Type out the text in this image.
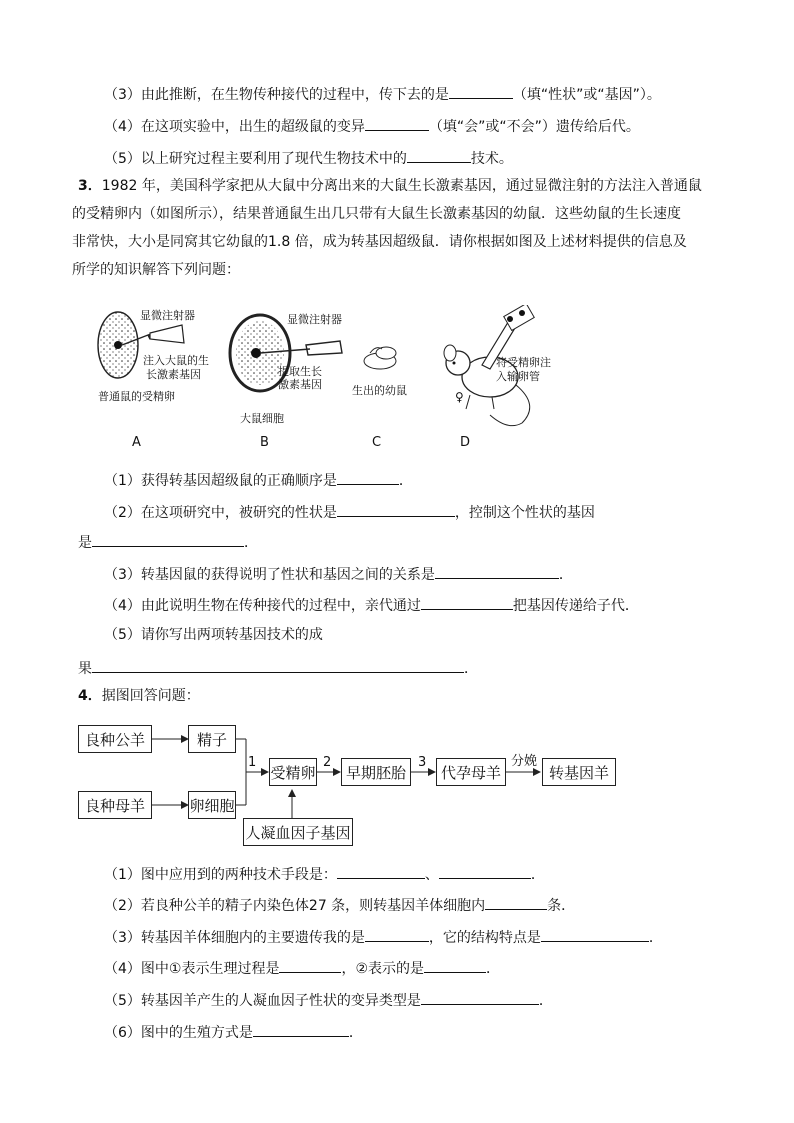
（3）由此推断，在生物传种接代的过程中，传下去的是	（填“性状”或“基因”）。
（4）在这项实验中，出生的超级鼠的变异	（填“会”或“不会”）遗传给后代。
（5）以上研究过程主要利用了现代生物技术中的	技术。

3．1982 年，美国科学家把从大鼠中分离出来的大鼠生长激素基因，通过显微注射的方法注入普通鼠

的受精卵内（如图所示），结果普通鼠生出几只带有大鼠生长激素基因的幼鼠．这些幼鼠的生长速度

非常快，大小是同窝其它幼鼠的1.8 倍，成为转基因超级鼠．请你根据如图及上述材料提供的信息及

所学的知识解答下列问题：

显微注射器
注入大鼠的生
长激素基因
普通鼠的受精卵
显微注射器
提取生长
激素基因
大鼠细胞
生出的幼鼠
将受精卵注
入输卵管
♀
A	B	C	D
（1）获得转基因超级鼠的正确顺序是	．
（2）在这项研究中，被研究的性状是	，控制这个性状的基因
是	．
（3）转基因鼠的获得说明了性状和基因之间的关系是	．
（4）由此说明生物在传种接代的过程中，亲代通过	把基因传递给子代．
（5）请你写出两项转基因技术的成
果	．
4．据图回答问题：
良种公羊	精子
良种母羊	卵细胞
受精卵	早期胚胎	代孕母羊	转基因羊
人凝血因子基因
1	2	3	分娩
（1）图中应用到的两种技术手段是：	、	．
（2）若良种公羊的精子内染色体27 条，则转基因羊体细胞内	条．
（3）转基因羊体细胞内的主要遗传我的是	，它的结构特点是	．
（4）图中①表示生理过程是	，②表示的是	．
（5）转基因羊产生的人凝血因子性状的变异类型是	．
（6）图中的生殖方式是	．
